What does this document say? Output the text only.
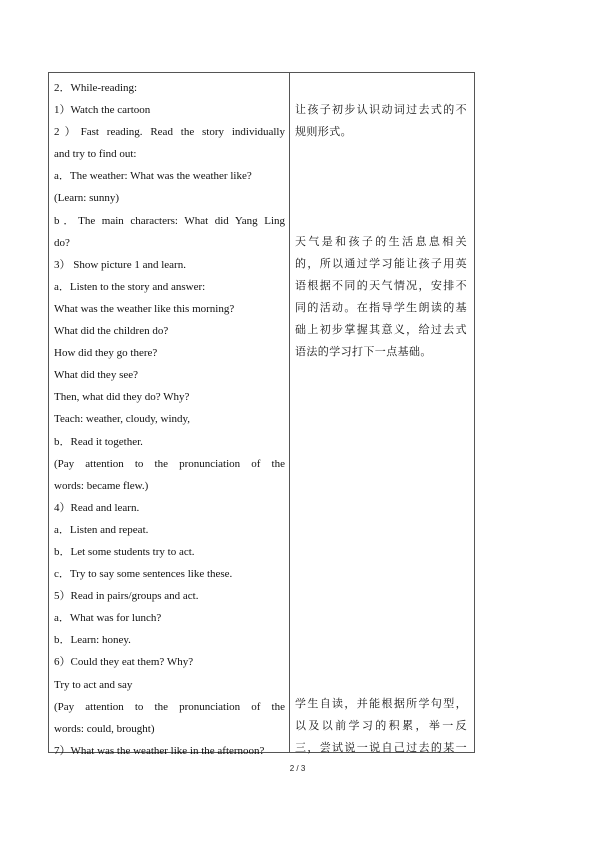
2．While-reading:
1）Watch the cartoon
2）Fast reading. Read the story individually
and try to find out:
a．The weather: What was the weather like?
(Learn: sunny)
b．The main characters: What did Yang Ling
do?
3） Show picture 1 and learn.
a．Listen to the story and answer:
What was the weather like this morning?
What did the children do?
How did they go there?
What did they see?
Then, what did they do? Why?
Teach: weather, cloudy, windy,
b．Read it together.
(Pay attention to the pronunciation of the
words: became flew.)
4）Read and learn.
a．Listen and repeat.
b．Let some students try to act.
c．Try to say some sentences like these.
5）Read in pairs/groups and act.
a．What was for lunch?
b．Learn: honey.
6）Could they eat them? Why?
Try to act and say
(Pay attention to the pronunciation of the
words: could, brought)
7）What was the weather like in the afternoon?
让孩子初步认识动词过去式的不
规则形式。
天气是和孩子的生活息息相关
的，所以通过学习能让孩子用英
语根据不同的天气情况，安排不
同的活动。在指导学生朗读的基
础上初步掌握其意义，给过去式
语法的学习打下一点基础。
学生自读，并能根据所学句型，
以及以前学习的积累，举一反
三，尝试说一说自己过去的某一
2 / 3
